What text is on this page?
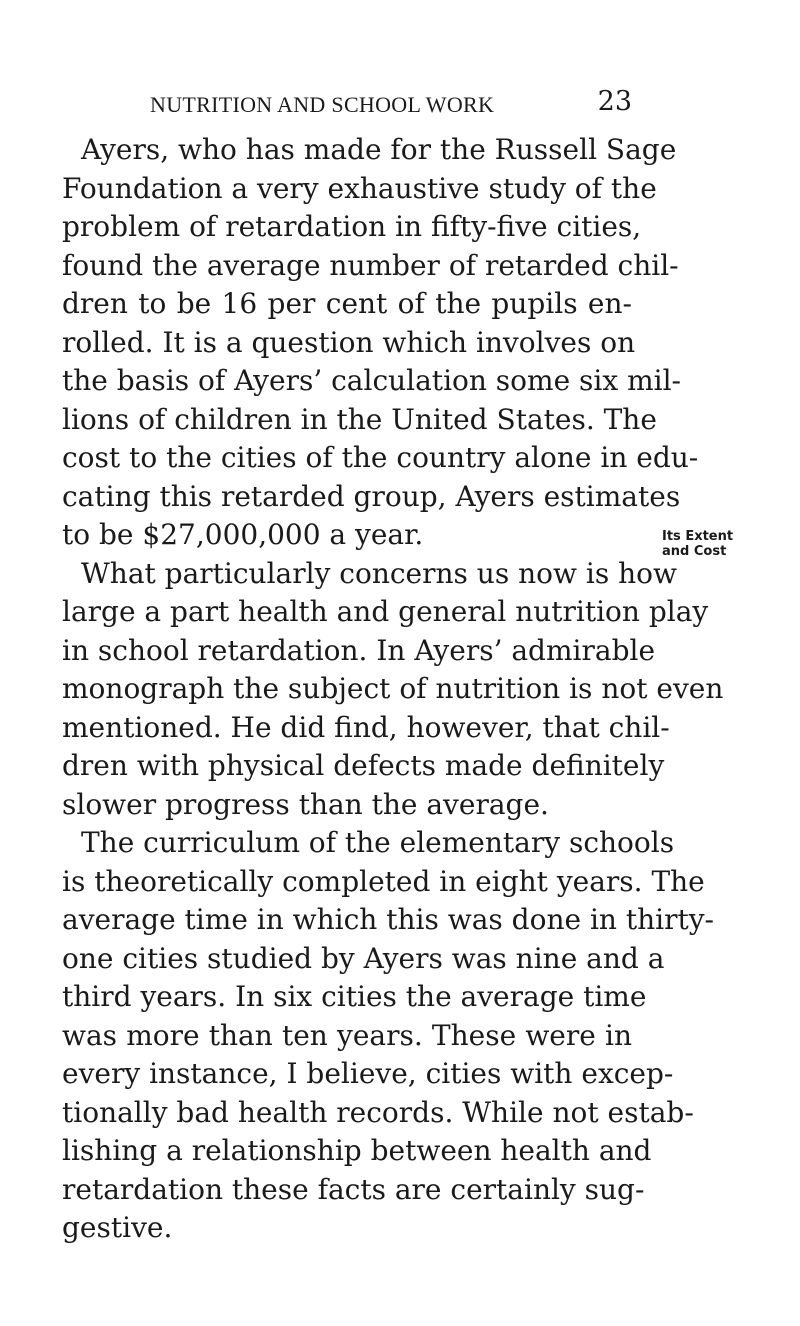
NUTRITION AND SCHOOL WORK	23
Ayers, who has made for the Russell Sage
Foundation a very exhaustive study of the
problem of retardation in fifty-five cities,
found the average number of retarded chil-
dren to be 16 per cent of the pupils en-
rolled. It is a question which involves on
the basis of Ayers’ calculation some six mil-
lions of children in the United States. The
cost to the cities of the country alone in edu-
cating this retarded group, Ayers estimates
to be $27,000,000 a year.
What particularly concerns us now is how
large a part health and general nutrition play
in school retardation. In Ayers’ admirable
monograph the subject of nutrition is not even
mentioned. He did find, however, that chil-
dren with physical defects made definitely
slower progress than the average.
The curriculum of the elementary schools
is theoretically completed in eight years. The
average time in which this was done in thirty-
one cities studied by Ayers was nine and a
third years. In six cities the average time
was more than ten years. These were in
every instance, I believe, cities with excep-
tionally bad health records. While not estab-
lishing a relationship between health and
retardation these facts are certainly sug-
gestive.
Its Extent
and Cost
